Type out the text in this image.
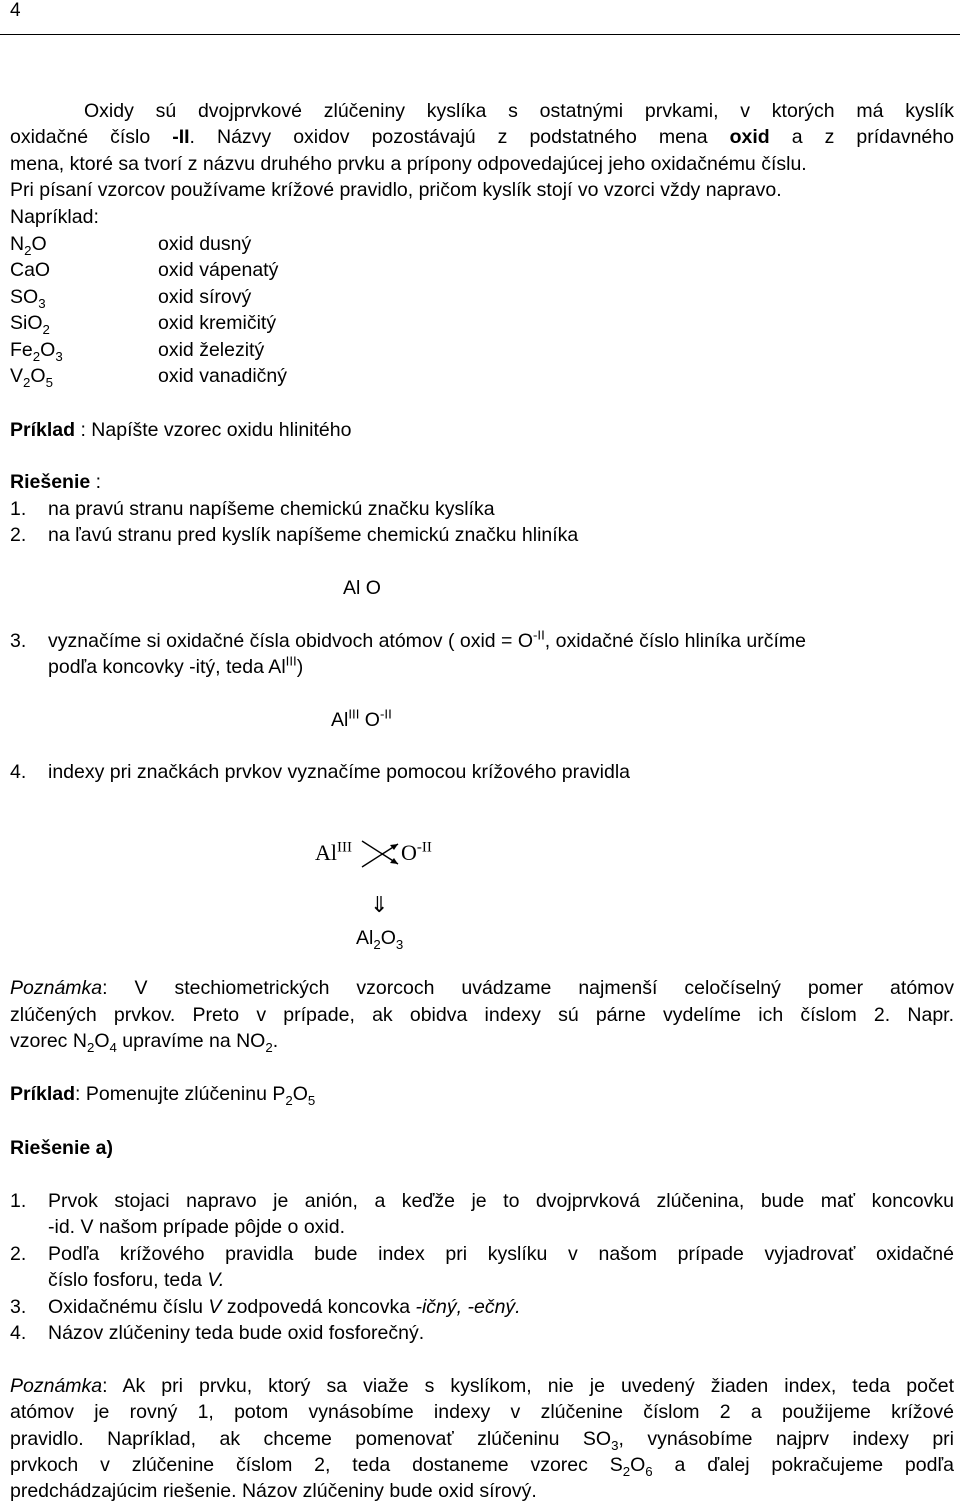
4
Oxidy sú dvojprvkové zlúčeniny kyslíka s ostatnými prvkami, v ktorých má kyslík
oxidačné číslo -II. Názvy oxidov pozostávajú z podstatného mena oxid a z prídavného
mena, ktoré sa tvorí z názvu druhého prvku a prípony odpovedajúcej jeho oxidačnému číslu.
Pri písaní vzorcov používame krížové pravidlo, pričom kyslík stojí vo vzorci vždy napravo.
Napríklad:
$N_2O$	oxid dusný
CaO	oxid vápenatý
$SO_3$	oxid sírový
SiO$_2$	oxid kremičitý
$Fe_2O_3$	oxid železitý
$V_2O_5$	oxid vanadičný
Príklad : Napíšte vzorec oxidu hlinitého
Riešenie :
1.	na pravú stranu napíšeme chemickú značku kyslíka
2.	na ľavú stranu pred kyslík napíšeme chemickú značku hliníka
Al O
3.	vyznačíme si oxidačné čísla obidvoch atómov ( oxid = $O^{-II}$, oxidačné číslo hliníka určíme
podľa koncovky -itý, teda $Al^{III}$)
$Al^{III}$ $O^{-II}$
4.	indexy pri značkách prvkov vyznačíme pomocou krížového pravidla
$Al^{III}$ $O^{-II}$
⇓
$Al_2O_3$
Poznámka: V stechiometrických vzorcoch uvádzame najmenší celočíselný pomer atómov
zlúčených prvkov. Preto v prípade, ak obidva indexy sú párne vydelíme ich číslom 2. Napr.
vzorec $N_2O_4$ upravíme na $NO_2$.
Príklad: Pomenujte zlúčeninu $P_2O_5$
Riešenie a)
1.	Prvok stojaci napravo je anión, a keďže je to dvojprvková zlúčenina, bude mať koncovku
-id. V našom prípade pôjde o oxid.
2.	Podľa krížového pravidla bude index pri kyslíku v našom prípade vyjadrovať oxidačné
číslo fosforu, teda V.
3.	Oxidačnému číslu V zodpovedá koncovka -ičný, -ečný.
4.	Názov zlúčeniny teda bude oxid fosforečný.
Poznámka: Ak pri prvku, ktorý sa viaže s kyslíkom, nie je uvedený žiaden index, teda počet
atómov je rovný 1, potom vynásobíme indexy v zlúčenine číslom 2 a použijeme krížové
pravidlo. Napríklad, ak chceme pomenovať zlúčeninu $SO_3$, vynásobíme najprv indexy pri
prvkoch v zlúčenine číslom 2, teda dostaneme vzorec $S_2O_6$ a ďalej pokračujeme podľa
predchádzajúcim riešenie. Názov zlúčeniny bude oxid sírový.
